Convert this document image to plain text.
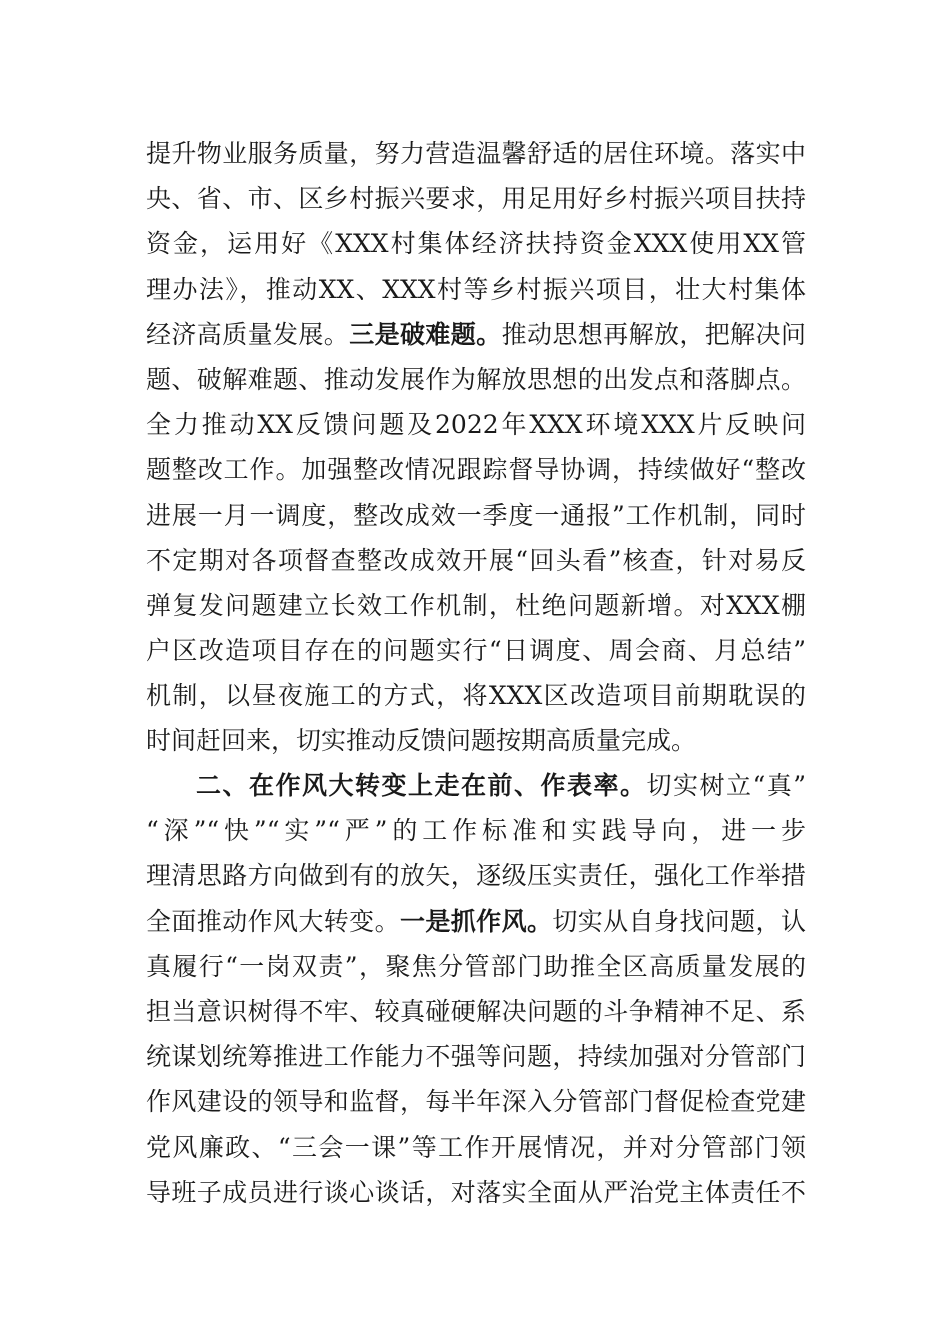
提升物业服务质量，努力营造温馨舒适的居住环境。落实中
央、省、市、区乡村振兴要求，用足用好乡村振兴项目扶持
资金，运用好《XXX村集体经济扶持资金XXX使用XX管
理办法》，推动XX、XXX村等乡村振兴项目，壮大村集体
经济高质量发展。三是破难题。推动思想再解放，把解决问
题、破解难题、推动发展作为解放思想的出发点和落脚点。
全力推动XX反馈问题及2022年XXX环境XXX片反映问
题整改工作。加强整改情况跟踪督导协调，持续做好“整改
进展一月一调度，整改成效一季度一通报”工作机制，同时
不定期对各项督查整改成效开展“回头看”核查，针对易反
弹复发问题建立长效工作机制，杜绝问题新增。对XXX棚
户区改造项目存在的问题实行“日调度、周会商、月总结”
机制，以昼夜施工的方式，将XXX区改造项目前期耽误的
时间赶回来，切实推动反馈问题按期高质量完成。
二、在作风大转变上走在前、作表率。切实树立“真”
“深”“快”“实”“严”的工作标准和实践导向，进一步
理清思路方向做到有的放矢，逐级压实责任，强化工作举措
全面推动作风大转变。一是抓作风。切实从自身找问题，认
真履行“一岗双责”，聚焦分管部门助推全区高质量发展的
担当意识树得不牢、较真碰硬解决问题的斗争精神不足、系
统谋划统筹推进工作能力不强等问题，持续加强对分管部门
作风建设的领导和监督，每半年深入分管部门督促检查党建
党风廉政、“三会一课”等工作开展情况，并对分管部门领
导班子成员进行谈心谈话，对落实全面从严治党主体责任不
